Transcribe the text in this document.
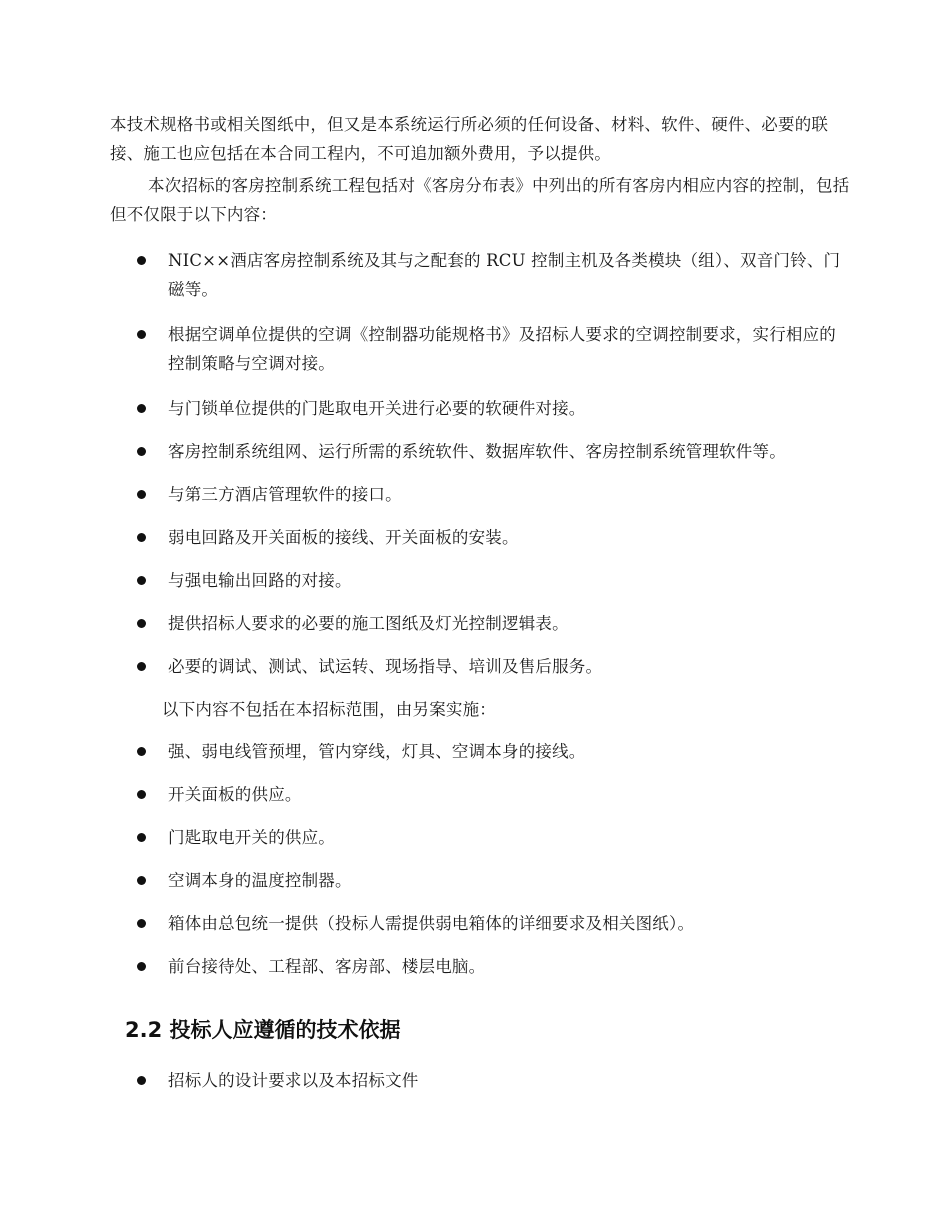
本技术规格书或相关图纸中，但又是本系统运行所必须的任何设备、材料、软件、硬件、必要的联接、施工也应包括在本合同工程内，不可追加额外费用，予以提供。

本次招标的客房控制系统工程包括对《客房分布表》中列出的所有客房内相应内容的控制，包括但不仅限于以下内容：

NIC××酒店客房控制系统及其与之配套的 RCU 控制主机及各类模块（组）、双音门铃、门磁等。
根据空调单位提供的空调《控制器功能规格书》及招标人要求的空调控制要求，实行相应的控制策略与空调对接。
与门锁单位提供的门匙取电开关进行必要的软硬件对接。
客房控制系统组网、运行所需的系统软件、数据库软件、客房控制系统管理软件等。
与第三方酒店管理软件的接口。
弱电回路及开关面板的接线、开关面板的安装。
与强电输出回路的对接。
提供招标人要求的必要的施工图纸及灯光控制逻辑表。
必要的调试、测试、试运转、现场指导、培训及售后服务。

以下内容不包括在本招标范围，由另案实施：

强、弱电线管预埋，管内穿线，灯具、空调本身的接线。
开关面板的供应。
门匙取电开关的供应。
空调本身的温度控制器。
箱体由总包统一提供（投标人需提供弱电箱体的详细要求及相关图纸）。
前台接待处、工程部、客房部、楼层电脑。
2.2 投标人应遵循的技术依据
招标人的设计要求以及本招标文件
